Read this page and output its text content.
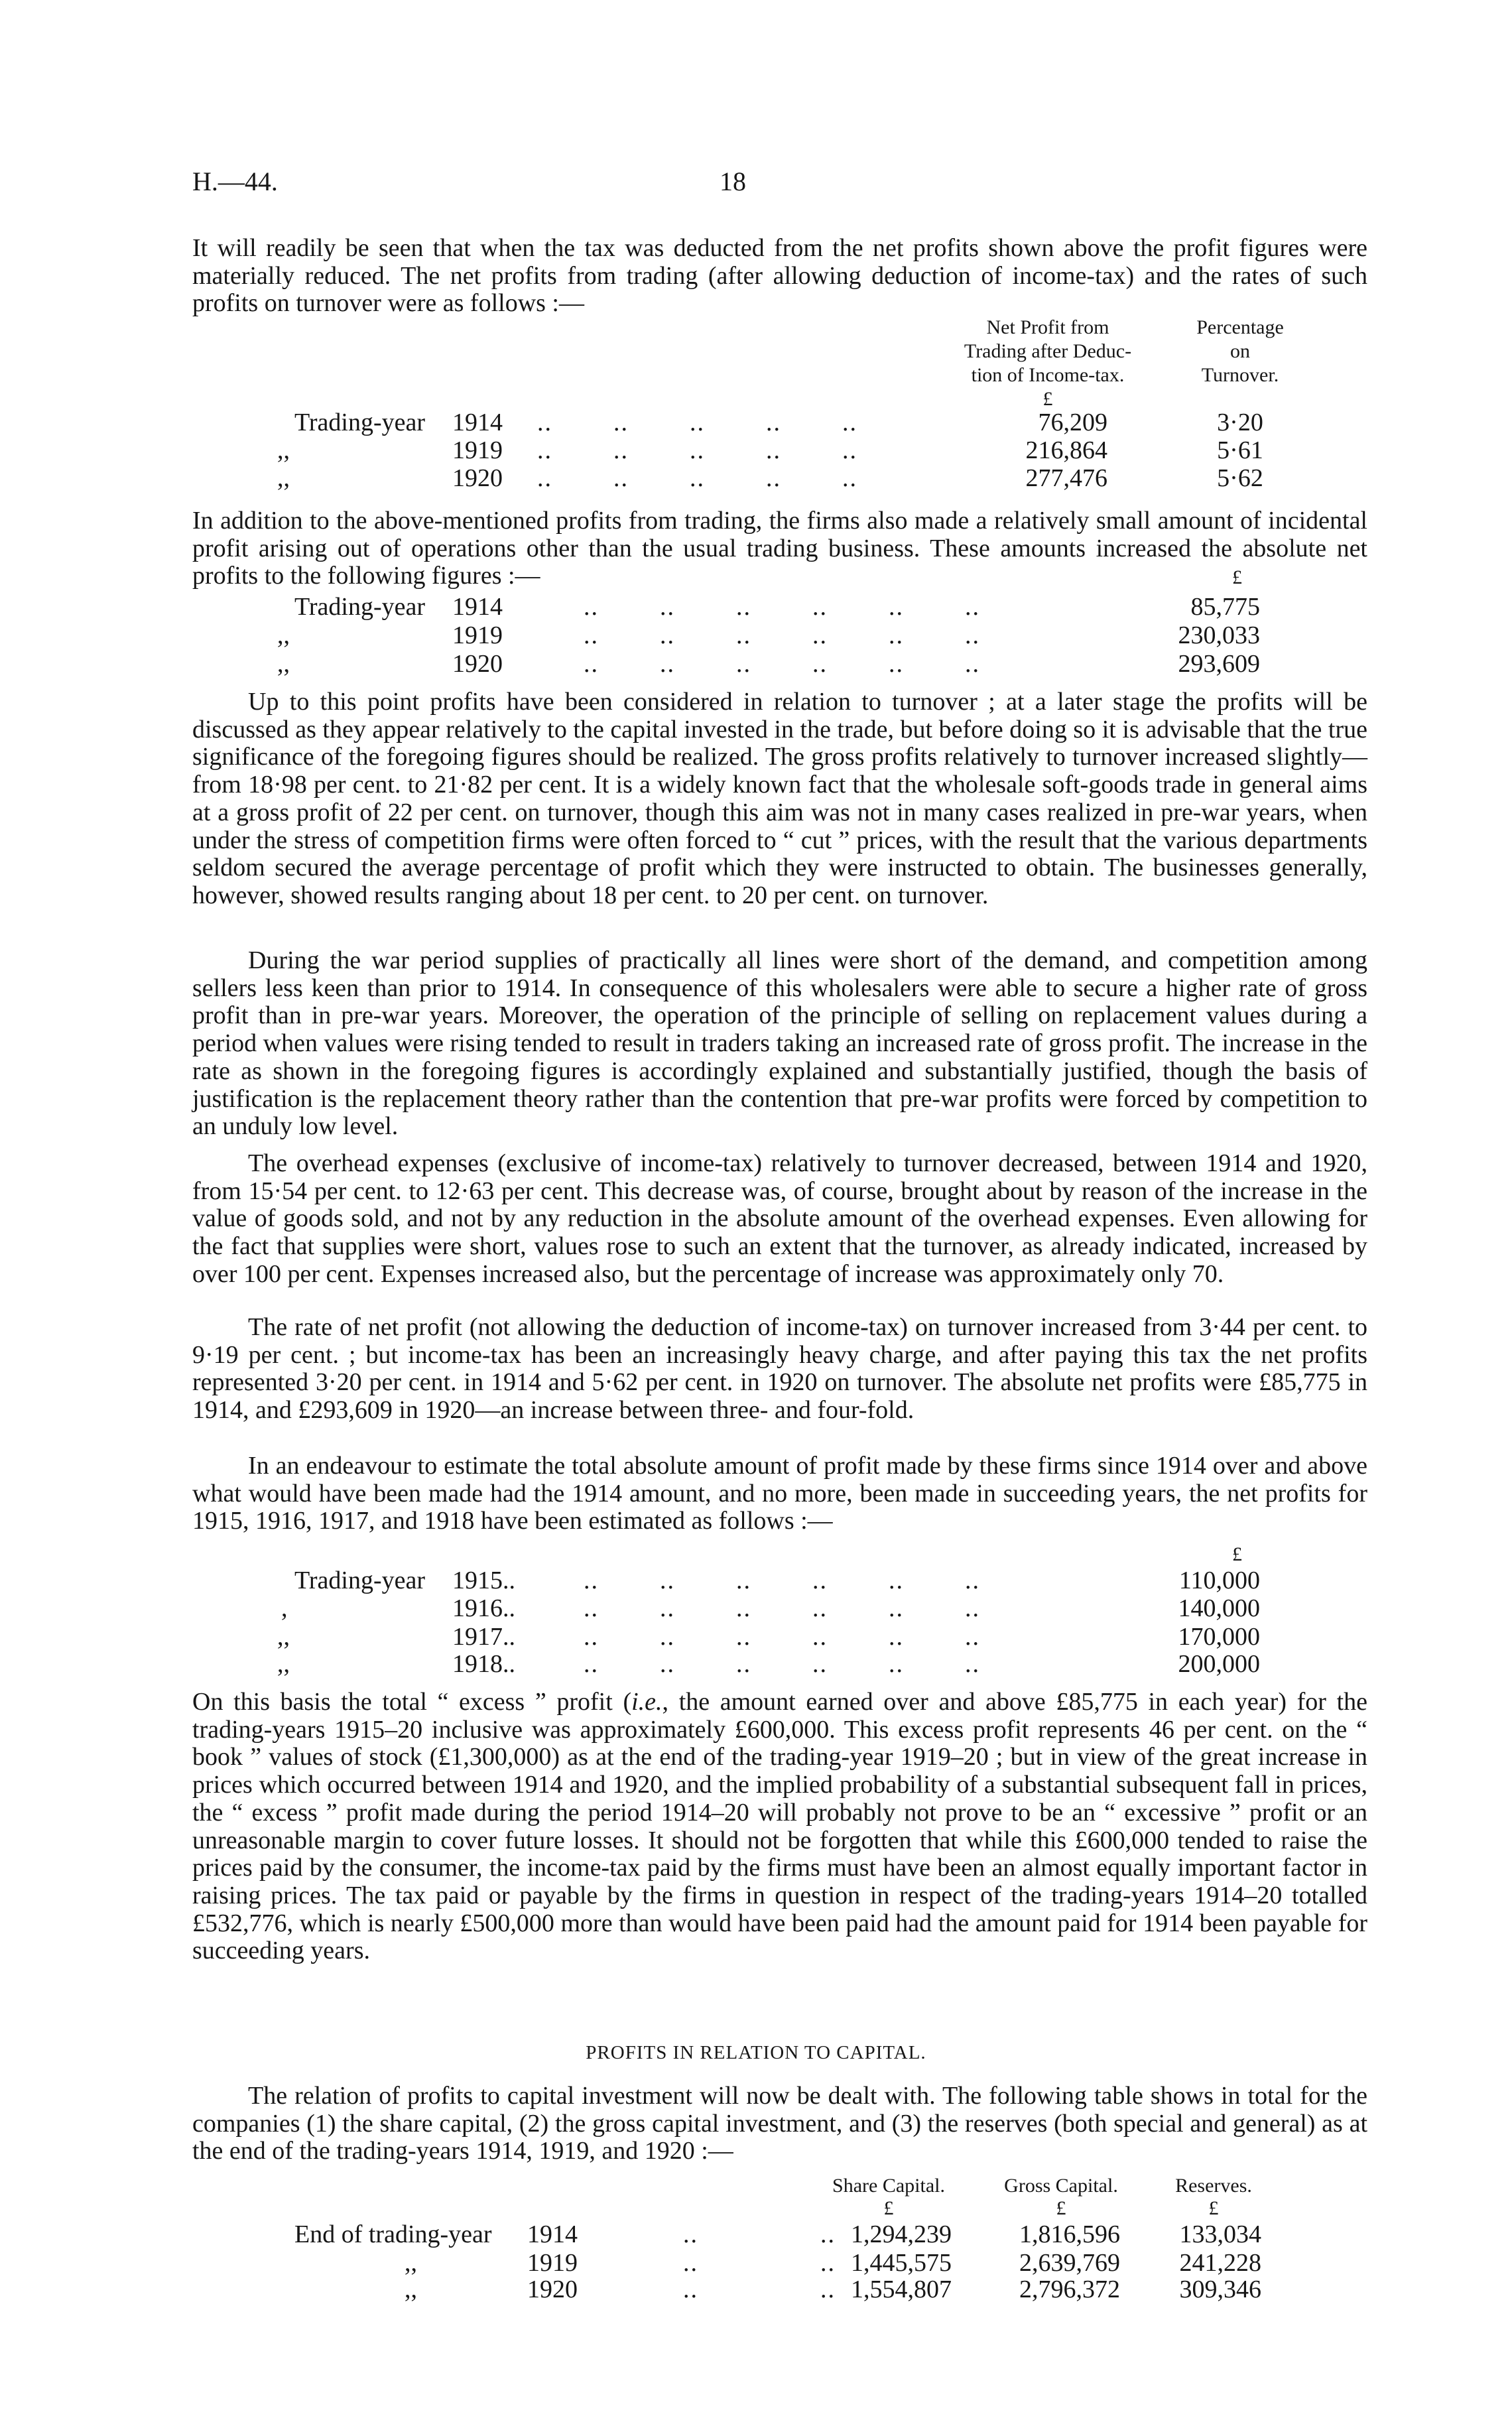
H.—44.	18
It will readily be seen that when the tax was deducted from the net profits shown above the profit figures were materially reduced. The net profits from trading (after allowing deduction of income-tax) and the rates of such profits on turnover were as follows :—
Net Profit from
Trading after Deduc-
tion of Income-tax.
£
Percentage
on
Turnover.
Trading-year 1914 ..        ..        ..        ..        ..	76,209	3·20
,,	1919 ..        ..        ..        ..        ..	216,864	5·61
,,	1920 ..        ..        ..        ..        ..	277,476	5·62
In addition to the above-mentioned profits from trading, the firms also made a relatively small amount of incidental profit arising out of operations other than the usual trading business. These amounts increased the absolute net profits to the following figures :—	£
Trading-year 1914	..        ..        ..        ..        ..        ..	85,775
,,	1919	..        ..        ..        ..        ..        ..	230,033
,,	1920	..        ..        ..        ..        ..        ..	293,609
Up to this point profits have been considered in relation to turnover ; at a later stage the profits will be discussed as they appear relatively to the capital invested in the trade, but before doing so it is advisable that the true significance of the foregoing figures should be realized. The gross profits relatively to turnover increased slightly—from 18·98 per cent. to 21·82 per cent. It is a widely known fact that the wholesale soft-goods trade in general aims at a gross profit of 22 per cent. on turnover, though this aim was not in many cases realized in pre-war years, when under the stress of competition firms were often forced to “ cut ” prices, with the result that the various departments seldom secured the average percentage of profit which they were instructed to obtain. The businesses generally, however, showed results ranging about 18 per cent. to 20 per cent. on turnover.
During the war period supplies of practically all lines were short of the demand, and competition among sellers less keen than prior to 1914. In consequence of this wholesalers were able to secure a higher rate of gross profit than in pre-war years. Moreover, the operation of the principle of selling on replacement values during a period when values were rising tended to result in traders taking an increased rate of gross profit. The increase in the rate as shown in the foregoing figures is accordingly explained and substantially justified, though the basis of justification is the replacement theory rather than the contention that pre-war profits were forced by competition to an unduly low level.
The overhead expenses (exclusive of income-tax) relatively to turnover decreased, between 1914 and 1920, from 15·54 per cent. to 12·63 per cent. This decrease was, of course, brought about by reason of the increase in the value of goods sold, and not by any reduction in the absolute amount of the overhead expenses. Even allowing for the fact that supplies were short, values rose to such an extent that the turnover, as already indicated, increased by over 100 per cent. Expenses increased also, but the percentage of increase was approximately only 70.
The rate of net profit (not allowing the deduction of income-tax) on turnover increased from 3·44 per cent. to 9·19 per cent. ; but income-tax has been an increasingly heavy charge, and after paying this tax the net profits represented 3·20 per cent. in 1914 and 5·62 per cent. in 1920 on turnover. The absolute net profits were £85,775 in 1914, and £293,609 in 1920—an increase between three- and four-fold.
In an endeavour to estimate the total absolute amount of profit made by these firms since 1914 over and above what would have been made had the 1914 amount, and no more, been made in succeeding years, the net profits for 1915, 1916, 1917, and 1918 have been estimated as follows :—
£
Trading-year 1915..	..        ..        ..        ..        ..        ..	110,000
,	1916..	..        ..        ..        ..        ..        ..	140,000
,,	1917..	..        ..        ..        ..        ..        ..	170,000
,,	1918..	..        ..        ..        ..        ..        ..	200,000
On this basis the total “ excess ” profit (i.e., the amount earned over and above £85,775 in each year) for the trading-years 1915–20 inclusive was approximately £600,000. This excess profit represents 46 per cent. on the “ book ” values of stock (£1,300,000) as at the end of the trading-year 1919–20 ; but in view of the great increase in prices which occurred between 1914 and 1920, and the implied probability of a substantial subsequent fall in prices, the “ excess ” profit made during the period 1914–20 will probably not prove to be an “ excessive ” profit or an unreasonable margin to cover future losses. It should not be forgotten that while this £600,000 tended to raise the prices paid by the consumer, the income-tax paid by the firms must have been an almost equally important factor in raising prices. The tax paid or payable by the firms in question in respect of the trading-years 1914–20 totalled £532,776, which is nearly £500,000 more than would have been paid had the amount paid for 1914 been payable for succeeding years.
PROFITS IN RELATION TO CAPITAL.
The relation of profits to capital investment will now be dealt with. The following table shows in total for the companies (1) the share capital, (2) the gross capital investment, and (3) the reserves (both special and general) as at the end of the trading-years 1914, 1919, and 1920 :—
Share Capital.	Gross Capital.	Reserves.
£	£	£
End of trading-year 1914	..                .. 1,294,239	1,816,596	133,034
,,	1919	..                .. 1,445,575	2,639,769	241,228
,,	1920	..                .. 1,554,807	2,796,372	309,346
